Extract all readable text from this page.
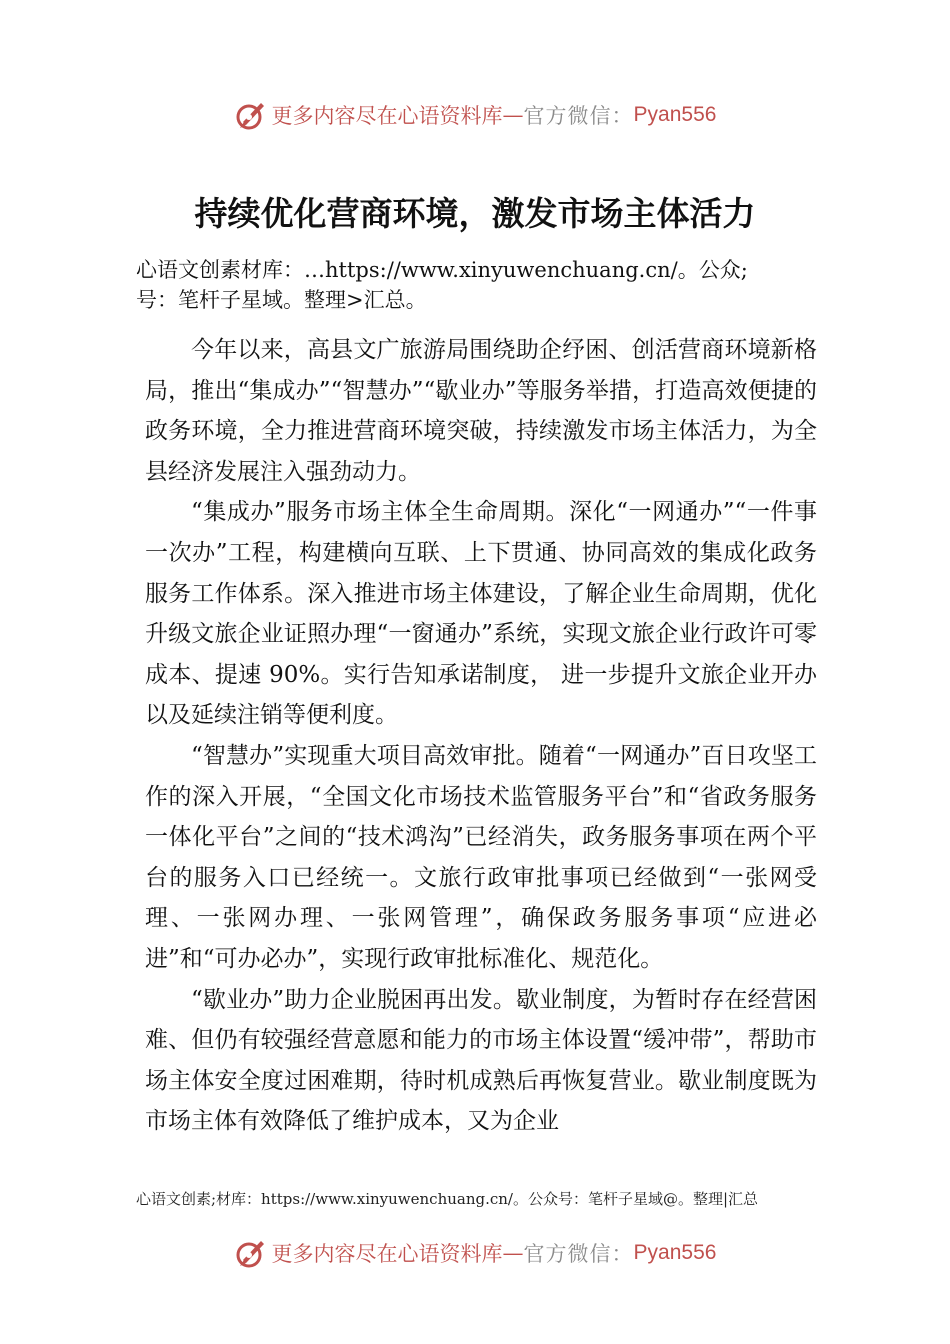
更多内容尽在心语资料库 — 官方微信： Pyan556
持续优化营商环境，激发市场主体活力
心语文创素材库：…https://www.xinyuwenchuang.cn/。公众;
号：笔杆子星域。整理>汇总。

今年以来，高县文广旅游局围绕助企纾困、创活营商环境新格局，推出“集成办”“智慧办”“歇业办”等服务举措，打造高效便捷的政务环境，全力推进营商环境突破，持续激发市场主体活力，为全县经济发展注入强劲动力。

“集成办”服务市场主体全生命周期。深化“一网通办”“一件事一次办”工程，构建横向互联、上下贯通、协同高效的集成化政务服务工作体系。深入推进市场主体建设，了解企业生命周期，优化升级文旅企业证照办理“一窗通办”系统，实现文旅企业行政许可零成本、提速 90%。实行告知承诺制度， 进一步提升文旅企业开办以及延续注销等便利度。

“智慧办”实现重大项目高效审批。随着“一网通办”百日攻坚工作的深入开展，“全国文化市场技术监管服务平台”和“省政务服务一体化平台”之间的“技术鸿沟”已经消失，政务服务事项在两个平台的服务入口已经统一。文旅行政审批事项已经做到“一张网受理、一张网办理、一张网管理”，确保政务服务事项“应进必进”和“可办必办”，实现行政审批标准化、规范化。

“歇业办”助力企业脱困再出发。歇业制度，为暂时存在经营困难、但仍有较强经营意愿和能力的市场主体设置“缓冲带”，帮助市场主体安全度过困难期，待时机成熟后再恢复营业。歇业制度既为市场主体有效降低了维护成本，又为企业

心语文创素;材库：https://www.xinyuwenchuang.cn/。公众号：笔杆子星域@。整理|汇总
更多内容尽在心语资料库 — 官方微信： Pyan556
